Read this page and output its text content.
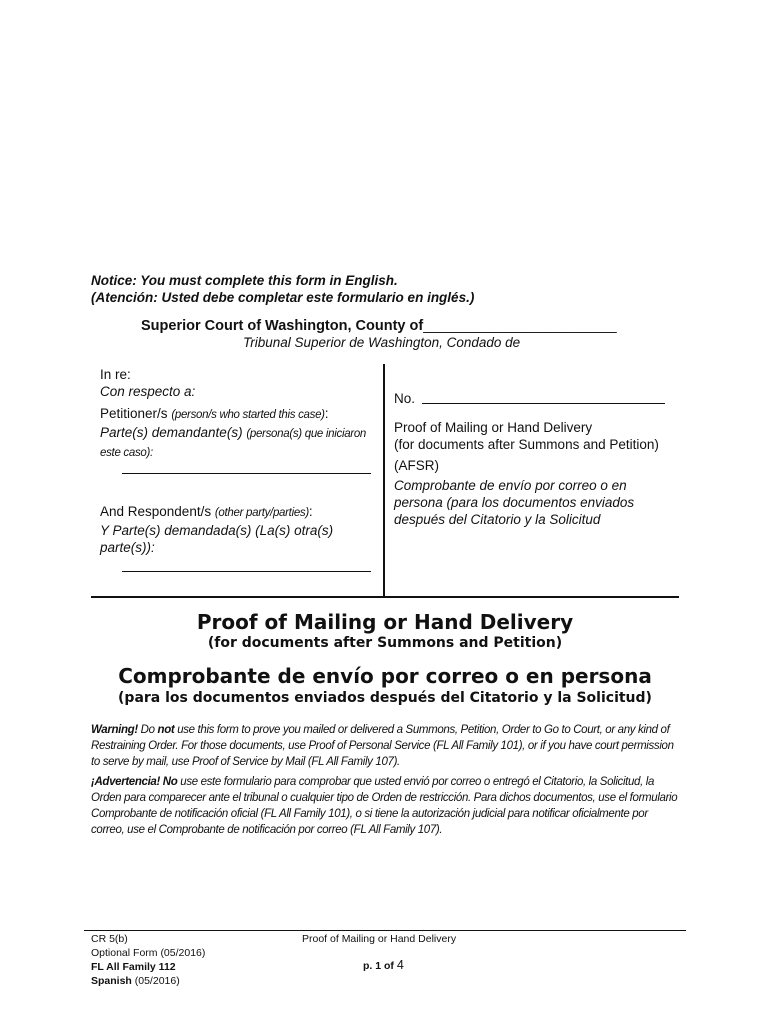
Notice: You must complete this form in English.
(Atención: Usted debe completar este formulario en inglés.)
Superior Court of Washington, County of________________________
Tribunal Superior de Washington, Condado de
In re:
Con respecto a:
Petitioner/s (person/s who started this case):
Parte(s) demandante(s) (persona(s) que iniciaron este caso):
And Respondent/s (other party/parties):
Y Parte(s) demandada(s) (La(s) otra(s) parte(s)):
No.
Proof of Mailing or Hand Delivery
(for documents after Summons and Petition)
(AFSR)
Comprobante de envío por correo o en persona (para los documentos enviados después del Citatorio y la Solicitud
Proof of Mailing or Hand Delivery
(for documents after Summons and Petition)
Comprobante de envío por correo o en persona
(para los documentos enviados después del Citatorio y la Solicitud)
Warning! Do not use this form to prove you mailed or delivered a Summons, Petition, Order to Go to Court, or any kind of Restraining Order. For those documents, use Proof of Personal Service (FL All Family 101), or if you have court permission to serve by mail, use Proof of Service by Mail (FL All Family 107).
¡Advertencia! No use este formulario para comprobar que usted envió por correo o entregó el Citatorio, la Solicitud, la Orden para comparecer ante el tribunal o cualquier tipo de Orden de restricción. Para dichos documentos, use el formulario Comprobante de notificación oficial (FL All Family 101), o si tiene la autorización judicial para notificar oficialmente por correo, use el Comprobante de notificación por correo (FL All Family 107).
CR 5(b)
Optional Form (05/2016)
FL All Family 112
Spanish (05/2016)
Proof of Mailing or Hand Delivery
p. 1 of 4
